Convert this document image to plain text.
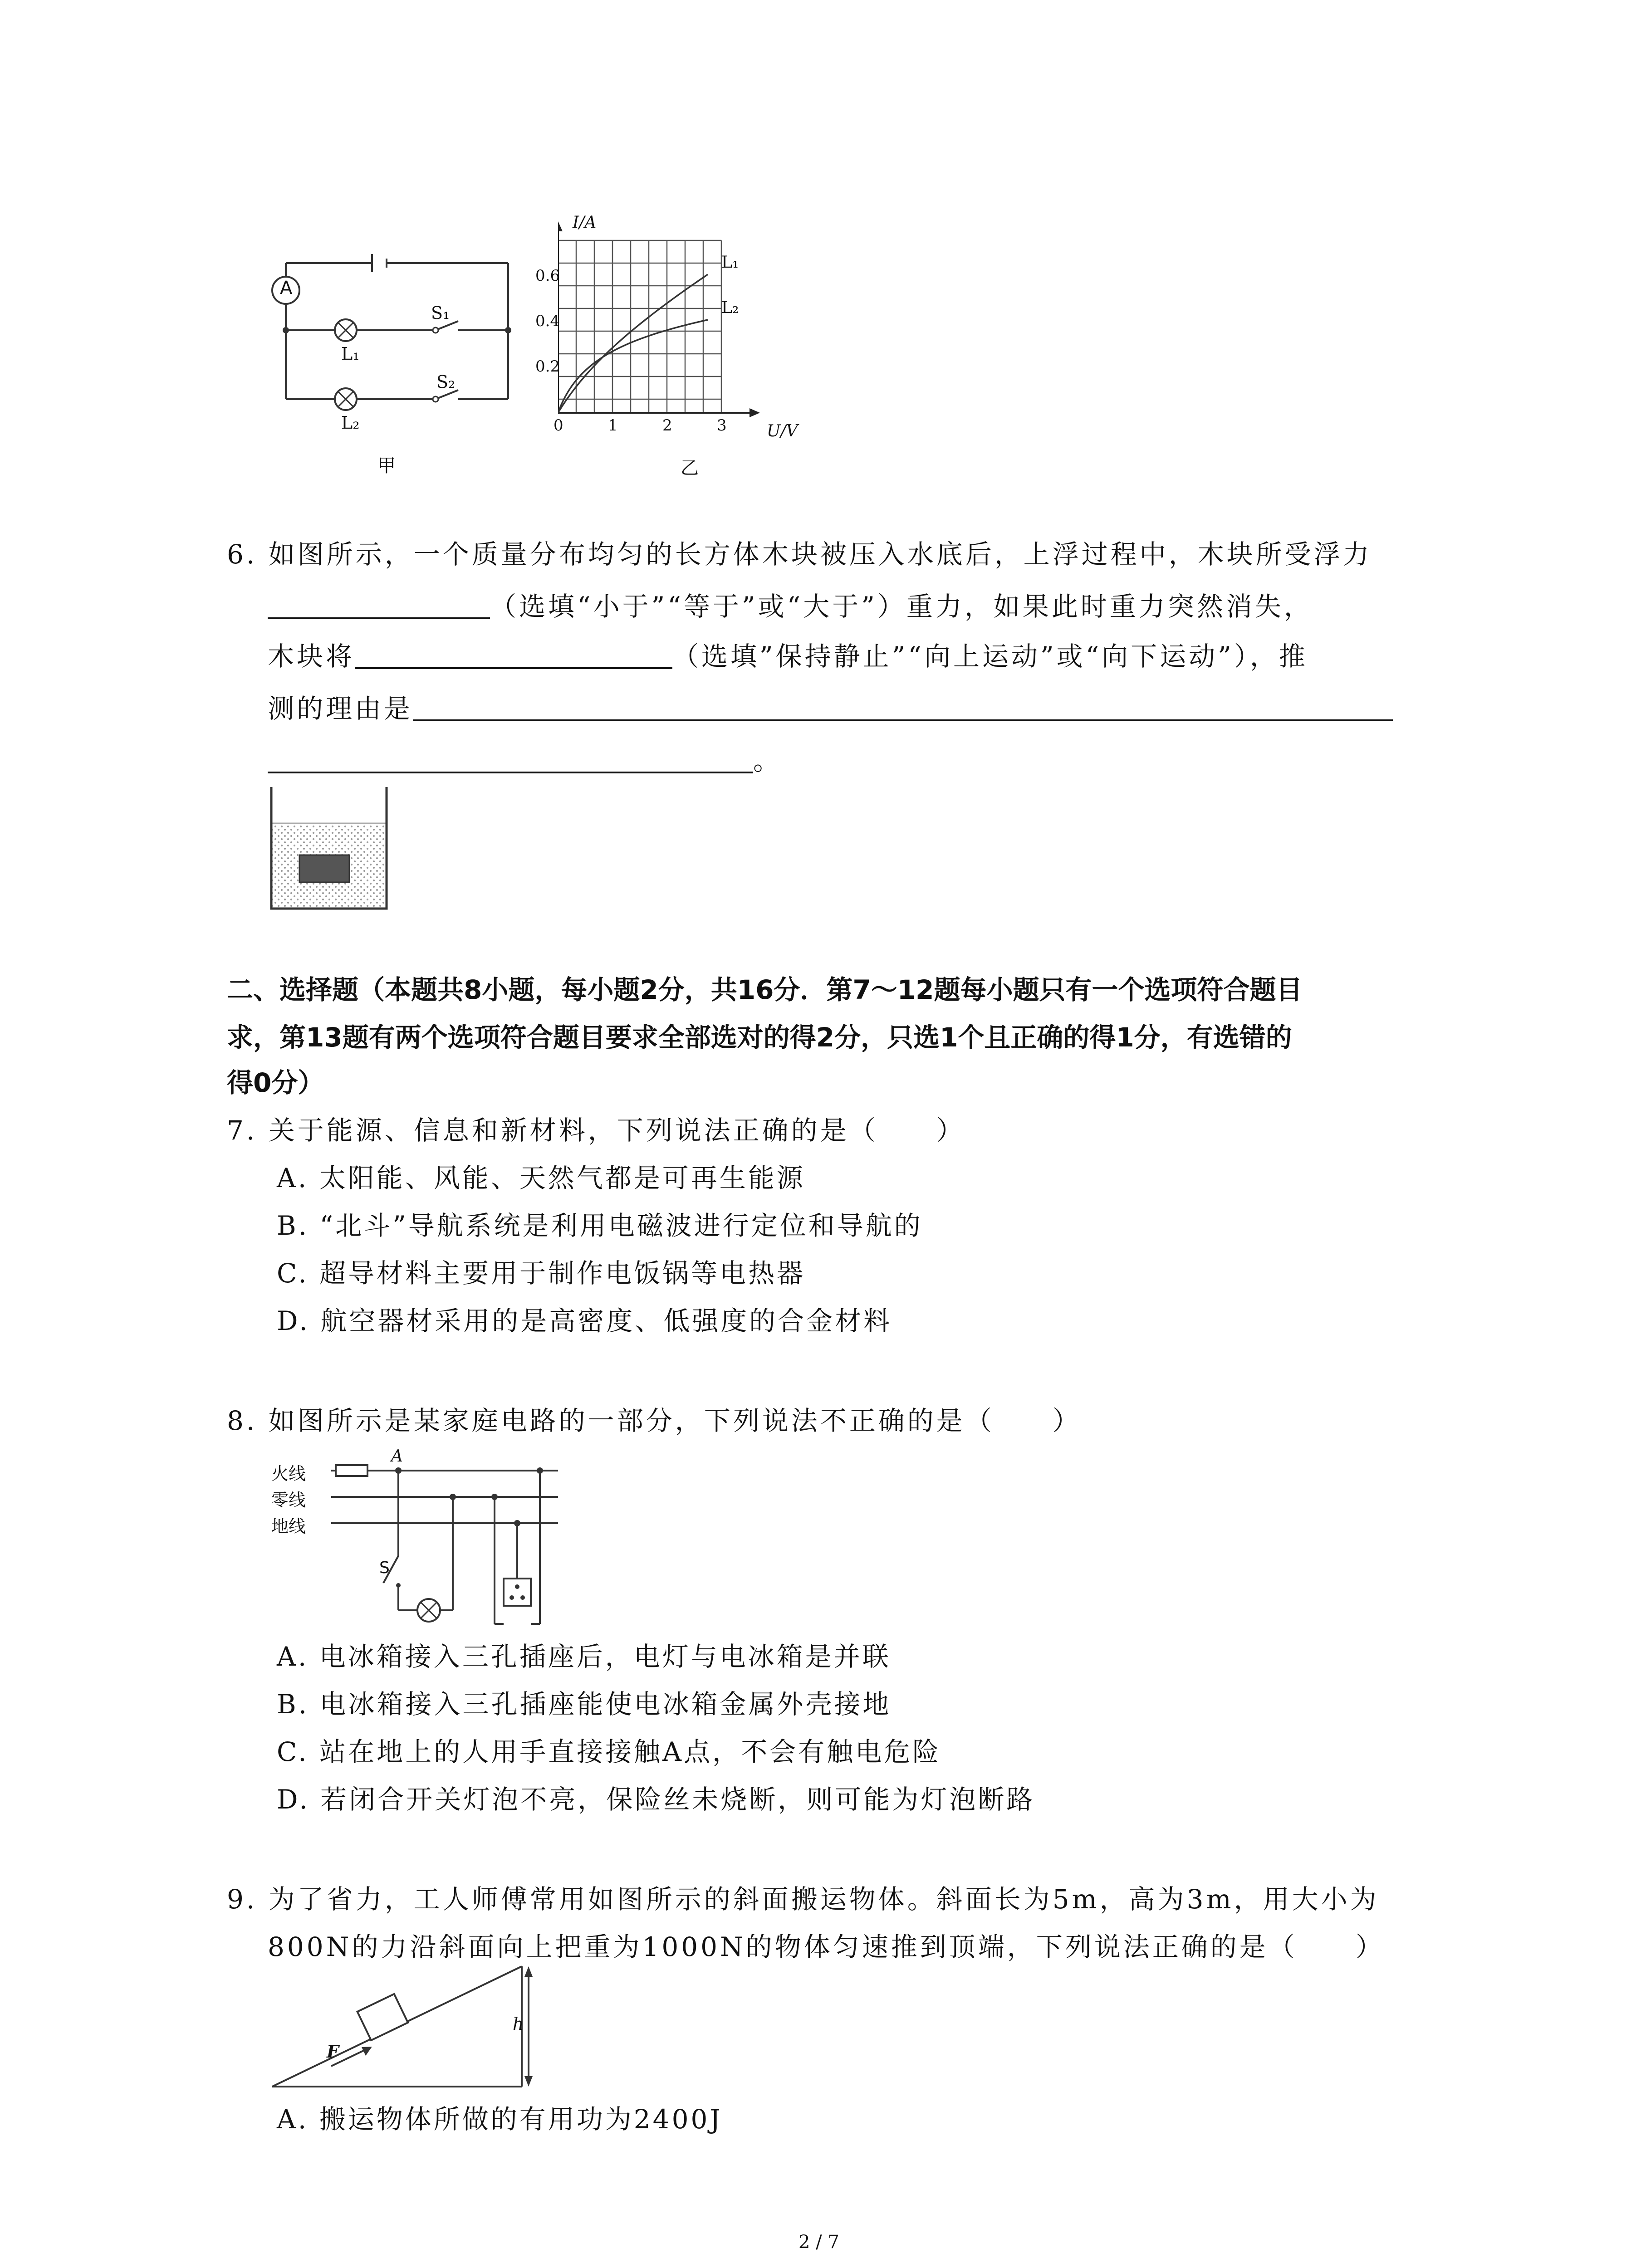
A
L₁
L₂
S₁
S₂
甲
I/A
0.6
0.4
0.2
0	1	2	3 U/V
L₁
L₂
乙
6. 如图所示，一个质量分布均匀的长方体木块被压入水底后，上浮过程中，木块所受浮力
（选填“小于”“等于”或“大于”）重力，如果此时重力突然消失，
木块将	（选填”保持静止”“向上运动”或“向下运动”），推
测的理由是
。
二、选择题（本题共8小题，每小题2分，共16分．第7～12题每小题只有一个选项符合题目
求，第13题有两个选项符合题目要求全部选对的得2分，只选1个且正确的得1分，有选错的
得0分）
7. 关于能源、信息和新材料，下列说法正确的是（　　）
A. 太阳能、风能、天然气都是可再生能源
B. “北斗”导航系统是利用电磁波进行定位和导航的
C. 超导材料主要用于制作电饭锅等电热器
D. 航空器材采用的是高密度、低强度的合金材料
8. 如图所示是某家庭电路的一部分，下列说法不正确的是（　　）
火线
零线
地线
A
S
A. 电冰箱接入三孔插座后，电灯与电冰箱是并联
B. 电冰箱接入三孔插座能使电冰箱金属外壳接地
C. 站在地上的人用手直接接触A点，不会有触电危险
D. 若闭合开关灯泡不亮，保险丝未烧断，则可能为灯泡断路
9. 为了省力，工人师傅常用如图所示的斜面搬运物体。斜面长为5m，高为3m，用大小为
800N的力沿斜面向上把重为1000N的物体匀速推到顶端，下列说法正确的是（　　）
F
h
A. 搬运物体所做的有用功为2400J
2 / 7
